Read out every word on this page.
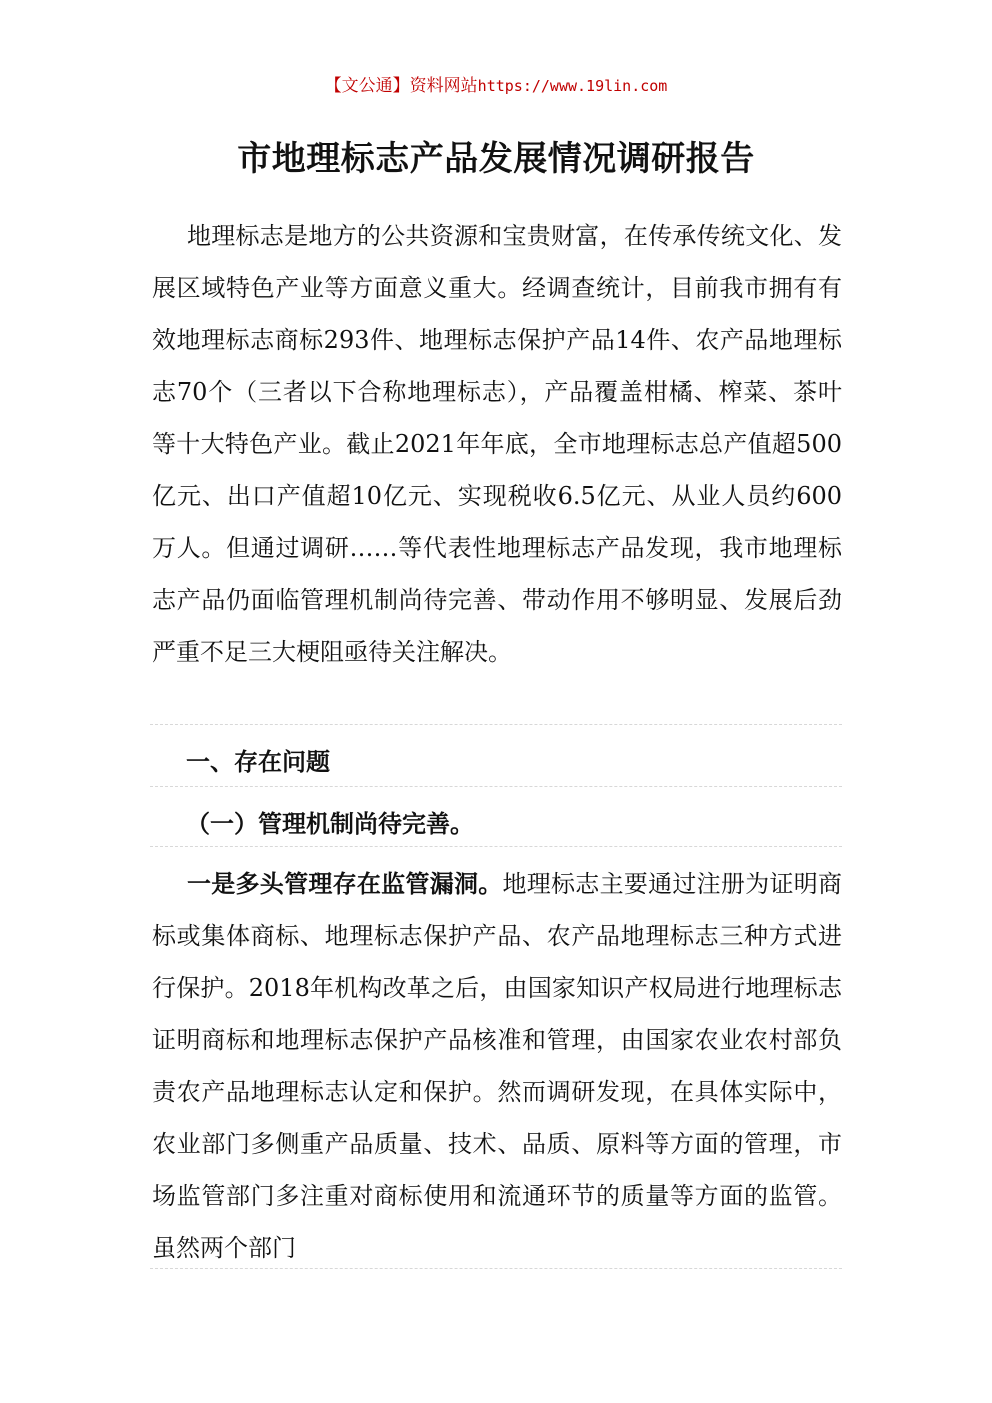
【文公通】资料网站https://www.19lin.com
市地理标志产品发展情况调研报告

地理标志是地方的公共资源和宝贵财富，在传承传统文化、发展区域特色产业等方面意义重大。经调查统计，目前我市拥有有效地理标志商标293件、地理标志保护产品14件、农产品地理标志70个（三者以下合称地理标志），产品覆盖柑橘、榨菜、茶叶等十大特色产业。截止2021年年底，全市地理标志总产值超500亿元、出口产值超10亿元、实现税收6.5亿元、从业人员约600万人。但通过调研……等代表性地理标志产品发现，我市地理标志产品仍面临管理机制尚待完善、带动作用不够明显、发展后劲严重不足三大梗阻亟待关注解决。

一、存在问题
（一）管理机制尚待完善。

一是多头管理存在监管漏洞。地理标志主要通过注册为证明商标或集体商标、地理标志保护产品、农产品地理标志三种方式进行保护。2018年机构改革之后，由国家知识产权局进行地理标志证明商标和地理标志保护产品核准和管理，由国家农业农村部负责农产品地理标志认定和保护。然而调研发现，在具体实际中，农业部门多侧重产品质量、技术、品质、原料等方面的管理，市场监管部门多注重对商标使用和流通环节的质量等方面的监管。虽然两个部门
